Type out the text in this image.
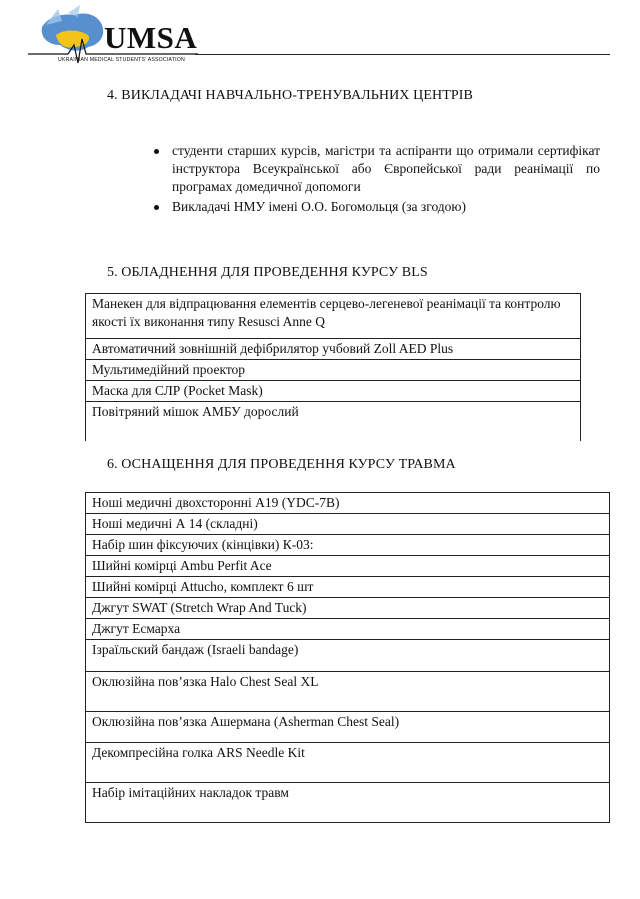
UMSA
UKRAINIAN MEDICAL STUDENTS' ASSOCIATION
4. ВИКЛАДАЧІ НАВЧАЛЬНО-ТРЕНУВАЛЬНИХ ЦЕНТРІВ
студенти старших курсів, магістри та аспіранти що отримали сертифікат інструктора Всеукраїнської або Європейської ради реанімації по програмах домедичної допомоги
Викладачі НМУ імені О.О. Богомольця (за згодою)
5. ОБЛАДНЕННЯ ДЛЯ ПРОВЕДЕННЯ КУРСУ BLS
Манекен для відпрацювання елементів серцево-легеневої реанімації та контролю якості їх виконання типу Resusci Anne Q
Автоматичний зовнішній дефібрилятор учбовий Zoll AED Plus
Мультимедійний проектор
Маска для СЛР (Pocket Mask)
Повітряний мішок АМБУ дорослий
6. ОСНАЩЕННЯ ДЛЯ ПРОВЕДЕННЯ КУРСУ ТРАВМА
Ноші медичні двохсторонні А19 (YDC-7B)
Ноші медичні А 14 (складні)
Набір шин фіксуючих (кінцівки) К-03:
Шийні комірці Ambu Perfit Ace
Шийні комірці Attucho, комплект 6 шт
Джгут SWAT (Stretch Wrap And Tuck)
Джгут Есмарха
Ізраїльский бандаж (Israeli bandage)
Оклюзійна пов’язка Halo Chest Seal XL
Оклюзійна пов’язка Ашермана (Asherman Chest Seal)
Декомпресійна голка ARS Needle Kit
Набір імітаційних накладок травм
